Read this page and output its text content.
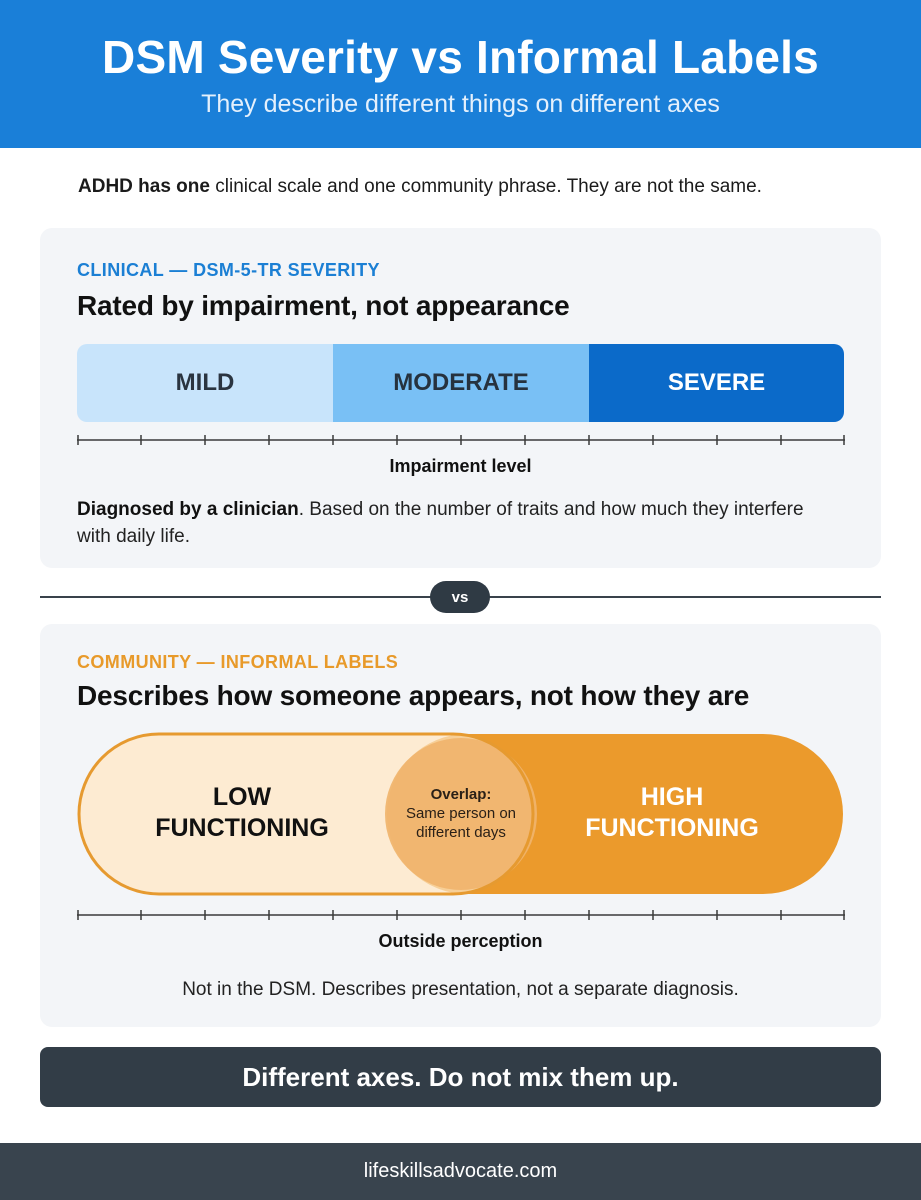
DSM Severity vs Informal Labels
They describe different things on different axes
ADHD has one clinical scale and one community phrase. They are not the same.
CLINICAL — DSM-5-TR SEVERITY
Rated by impairment, not appearance
MILD	MODERATE	SEVERE
Impairment level
Diagnosed by a clinician. Based on the number of traits and how much they interfere with daily life.
vs
COMMUNITY — INFORMAL LABELS
Describes how someone appears, not how they are
LOW
FUNCTIONING
Overlap:
Same person on different days
HIGH
FUNCTIONING
Outside perception
Not in the DSM. Describes presentation, not a separate diagnosis.
Different axes. Do not mix them up.
lifeskillsadvocate.com
